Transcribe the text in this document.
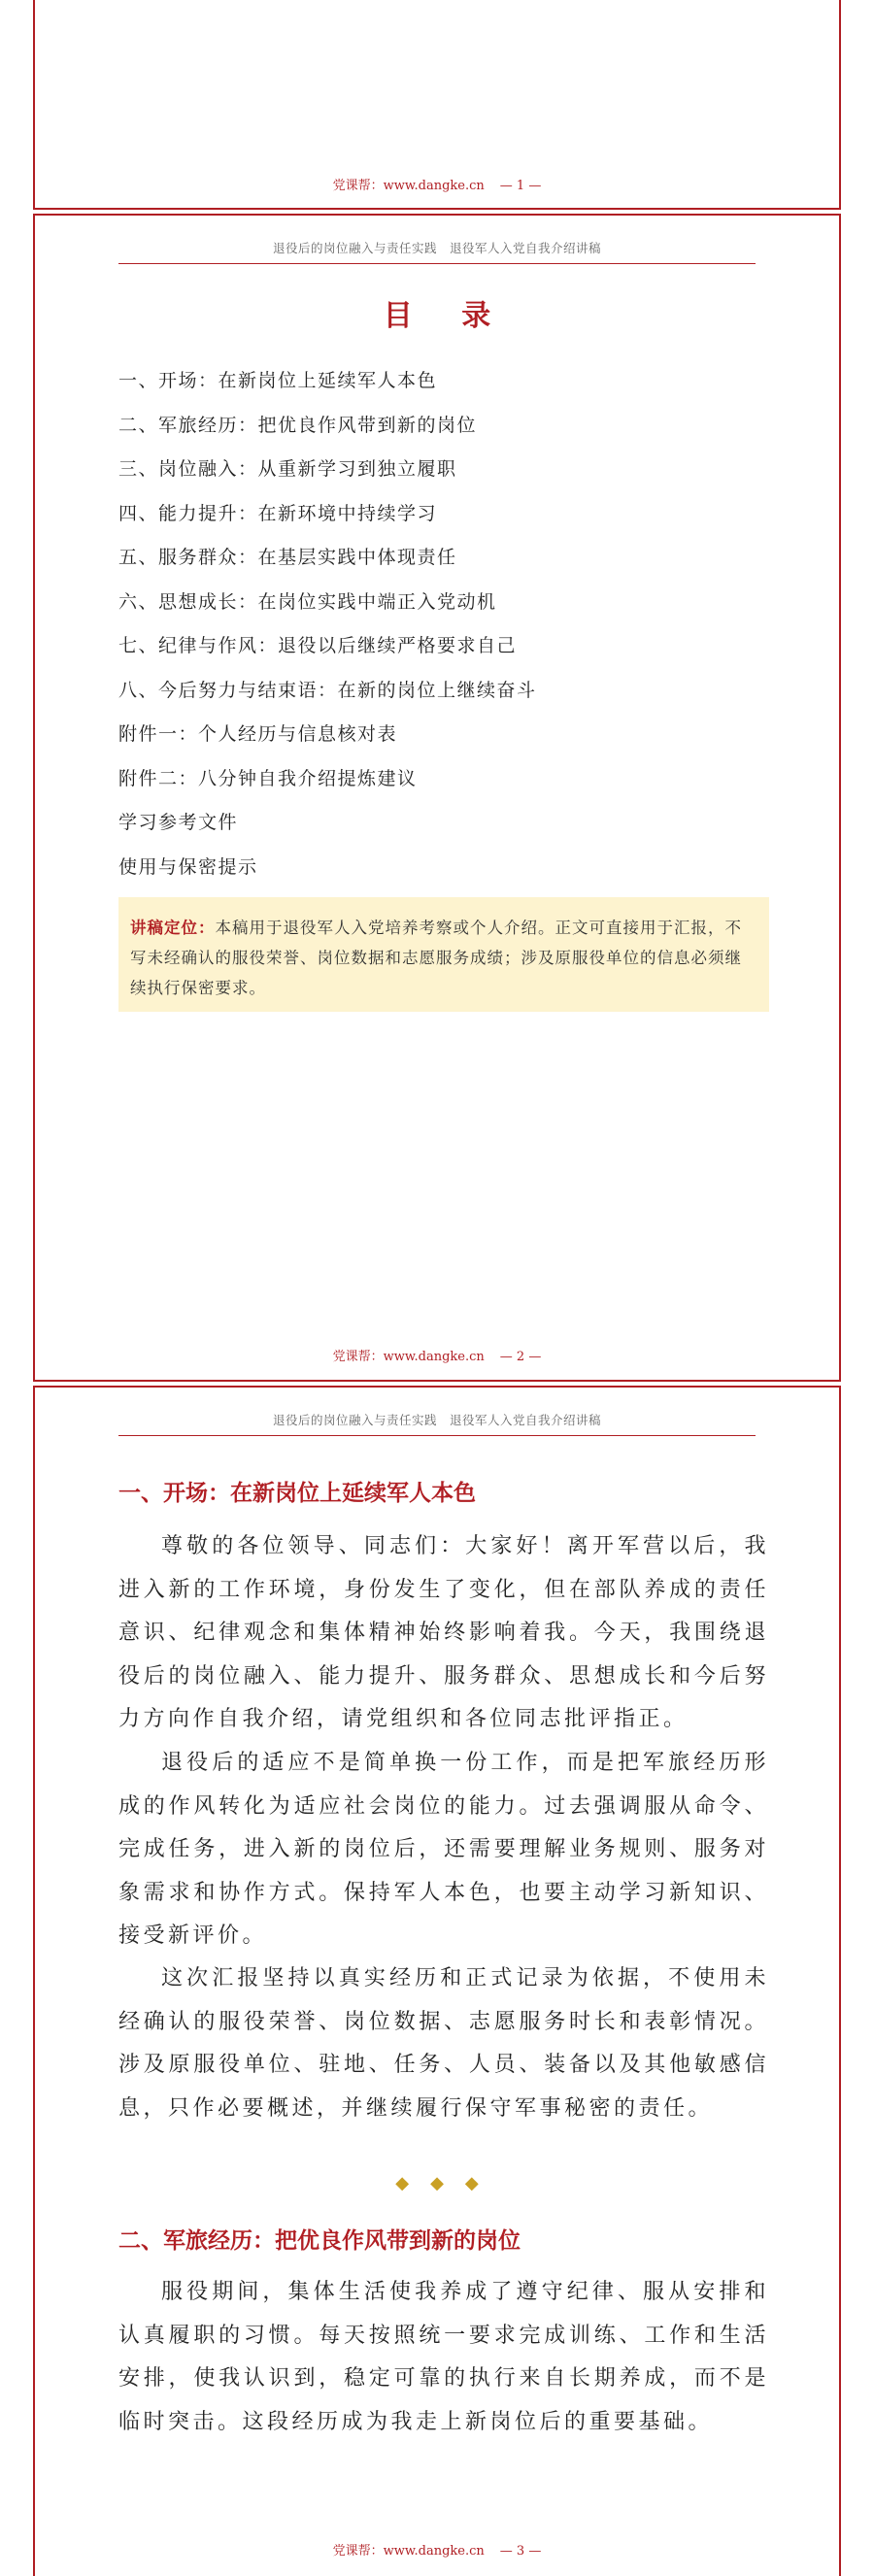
党课帮：www.dangke.cn — 1 —
退役后的岗位融入与责任实践　退役军人入党自我介绍讲稿
目 录
一、开场：在新岗位上延续军人本色
二、军旅经历：把优良作风带到新的岗位
三、岗位融入：从重新学习到独立履职
四、能力提升：在新环境中持续学习
五、服务群众：在基层实践中体现责任
六、思想成长：在岗位实践中端正入党动机
七、纪律与作风：退役以后继续严格要求自己
八、今后努力与结束语：在新的岗位上继续奋斗
附件一：个人经历与信息核对表
附件二：八分钟自我介绍提炼建议
学习参考文件
使用与保密提示
讲稿定位：本稿用于退役军人入党培养考察或个人介绍。正文可直接用于汇报，不写未经确认的服役荣誉、岗位数据和志愿服务成绩；涉及原服役单位的信息必须继续执行保密要求。
党课帮：www.dangke.cn — 2 —
退役后的岗位融入与责任实践　退役军人入党自我介绍讲稿
一、开场：在新岗位上延续军人本色

尊敬的各位领导、同志们：大家好！离开军营以后，我进入新的工作环境，身份发生了变化，但在部队养成的责任意识、纪律观念和集体精神始终影响着我。今天，我围绕退役后的岗位融入、能力提升、服务群众、思想成长和今后努力方向作自我介绍，请党组织和各位同志批评指正。

退役后的适应不是简单换一份工作，而是把军旅经历形成的作风转化为适应社会岗位的能力。过去强调服从命令、完成任务，进入新的岗位后，还需要理解业务规则、服务对象需求和协作方式。保持军人本色，也要主动学习新知识、接受新评价。

这次汇报坚持以真实经历和正式记录为依据，不使用未经确认的服役荣誉、岗位数据、志愿服务时长和表彰情况。涉及原服役单位、驻地、任务、人员、装备以及其他敏感信息，只作必要概述，并继续履行保守军事秘密的责任。

◆◆◆
二、军旅经历：把优良作风带到新的岗位

服役期间，集体生活使我养成了遵守纪律、服从安排和认真履职的习惯。每天按照统一要求完成训练、工作和生活安排，使我认识到，稳定可靠的执行来自长期养成，而不是临时突击。这段经历成为我走上新岗位后的重要基础。

党课帮：www.dangke.cn — 3 —
